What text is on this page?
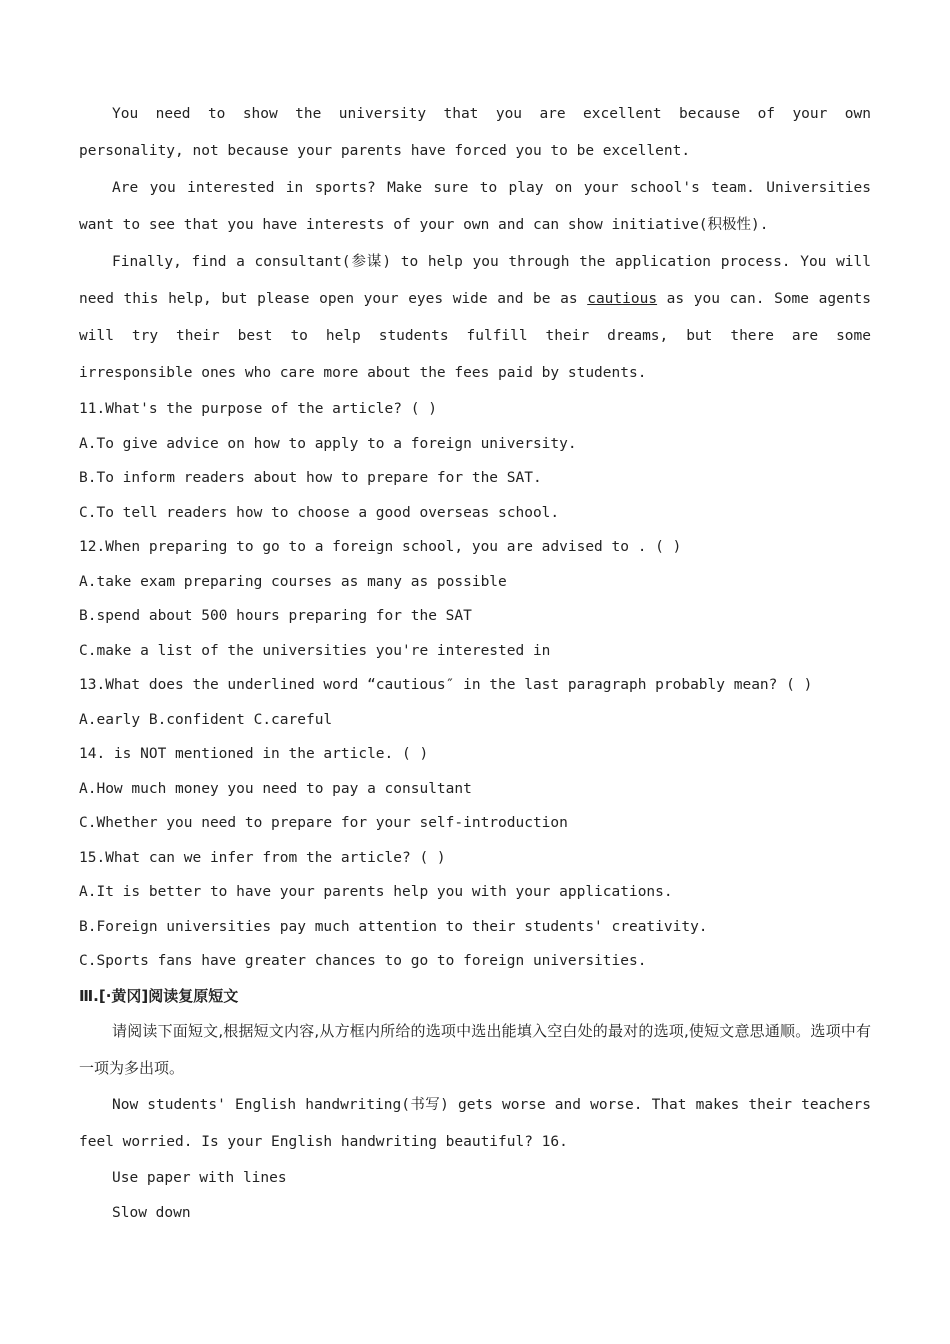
You need to show the university that you are excellent because of your own personality, not because your parents have forced you to be excellent.

Are you interested in sports? Make sure to play on your school's team. Universities want to see that you have interests of your own and can show initiative(积极性).

Finally, find a consultant(参谋) to help you through the application process. You will need this help, but please open your eyes wide and be as cautious as you can. Some agents will try their best to help students fulfill their dreams, but there are some irresponsible ones who care more about the fees paid by students.

11.What's the purpose of the article? ( )

A.To give advice on how to apply to a foreign university.

B.To inform readers about how to prepare for the SAT.

C.To tell readers how to choose a good overseas school.

12.When preparing to go to a foreign school, you are advised to . ( )

A.take exam preparing courses as many as possible

B.spend about 500 hours preparing for the SAT

C.make a list of the universities you're interested in

13.What does the underlined word “cautious″ in the last paragraph probably mean? ( )

A.early B.confident C.careful

14. is NOT mentioned in the article. ( )

A.How much money you need to pay a consultant

C.Whether you need to prepare for your self-introduction

15.What can we infer from the article? ( )

A.It is better to have your parents help you with your applications.

B.Foreign universities pay much attention to their students' creativity.

C.Sports fans have greater chances to go to foreign universities.

Ⅲ.[·黄冈]阅读复原短文

请阅读下面短文,根据短文内容,从方框内所给的选项中选出能填入空白处的最对的选项,使短文意思通顺。选项中有一项为多出项。

Now students' English handwriting(书写) gets worse and worse. That makes their teachers feel worried. Is your English handwriting beautiful? 16.

Use paper with lines

Slow down
